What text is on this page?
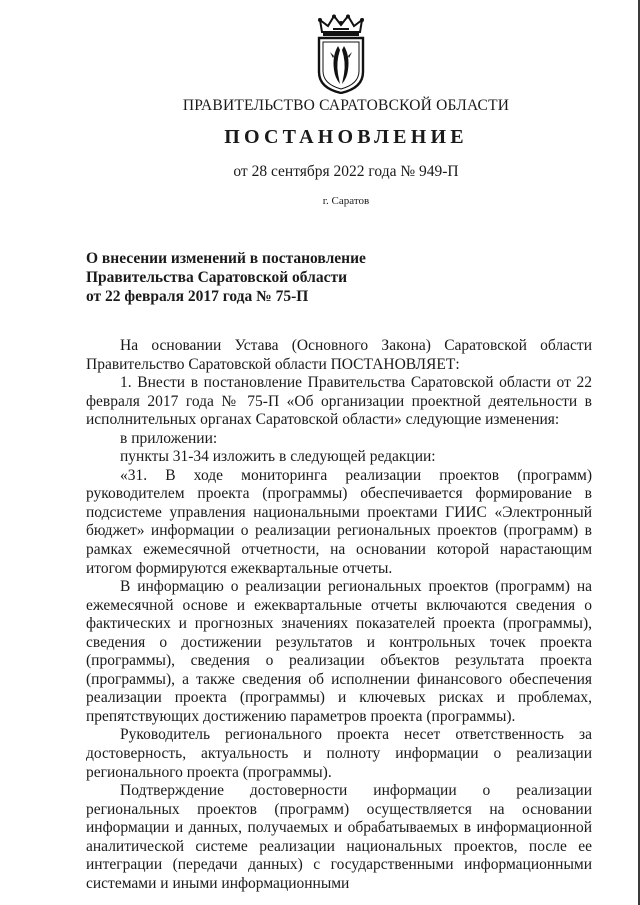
ПРАВИТЕЛЬСТВО САРАТОВСКОЙ ОБЛАСТИ
ПОСТАНОВЛЕНИЕ
от 28 сентября 2022 года № 949-П
г. Саратов
О внесении изменений в постановление
Правительства Саратовской области
от 22 февраля 2017 года № 75-П

На основании Устава (Основного Закона) Саратовской области Правительство Саратовской области ПОСТАНОВЛЯЕТ:

1. Внести в постановление Правительства Саратовской области от 22 февраля 2017 года № 75-П «Об организации проектной деятельности в исполнительных органах Саратовской области» следующие изменения:

в приложении:

пункты 31-34 изложить в следующей редакции:

«31. В ходе мониторинга реализации проектов (программ) руководителем проекта (программы) обеспечивается формирование в подсистеме управления национальными проектами ГИИС «Электронный бюджет» информации о реализации региональных проектов (программ) в рамках ежемесячной отчетности, на основании которой нарастающим итогом формируются ежеквартальные отчеты.

В информацию о реализации региональных проектов (программ) на ежемесячной основе и ежеквартальные отчеты включаются сведения о фактических и прогнозных значениях показателей проекта (программы), сведения о достижении результатов и контрольных точек проекта (программы), сведения о реализации объектов результата проекта (программы), а также сведения об исполнении финансового обеспечения реализации проекта (программы) и ключевых рисках и проблемах, препятствующих достижению параметров проекта (программы).

Руководитель регионального проекта несет ответственность за достоверность, актуальность и полноту информации о реализации регионального проекта (программы).

Подтверждение достоверности информации о реализации региональных проектов (программ) осуществляется на основании информации и данных, получаемых и обрабатываемых в информационной аналитической системе реализации национальных проектов, после ее интеграции (передачи данных) с государственными информационными системами и иными информационными
